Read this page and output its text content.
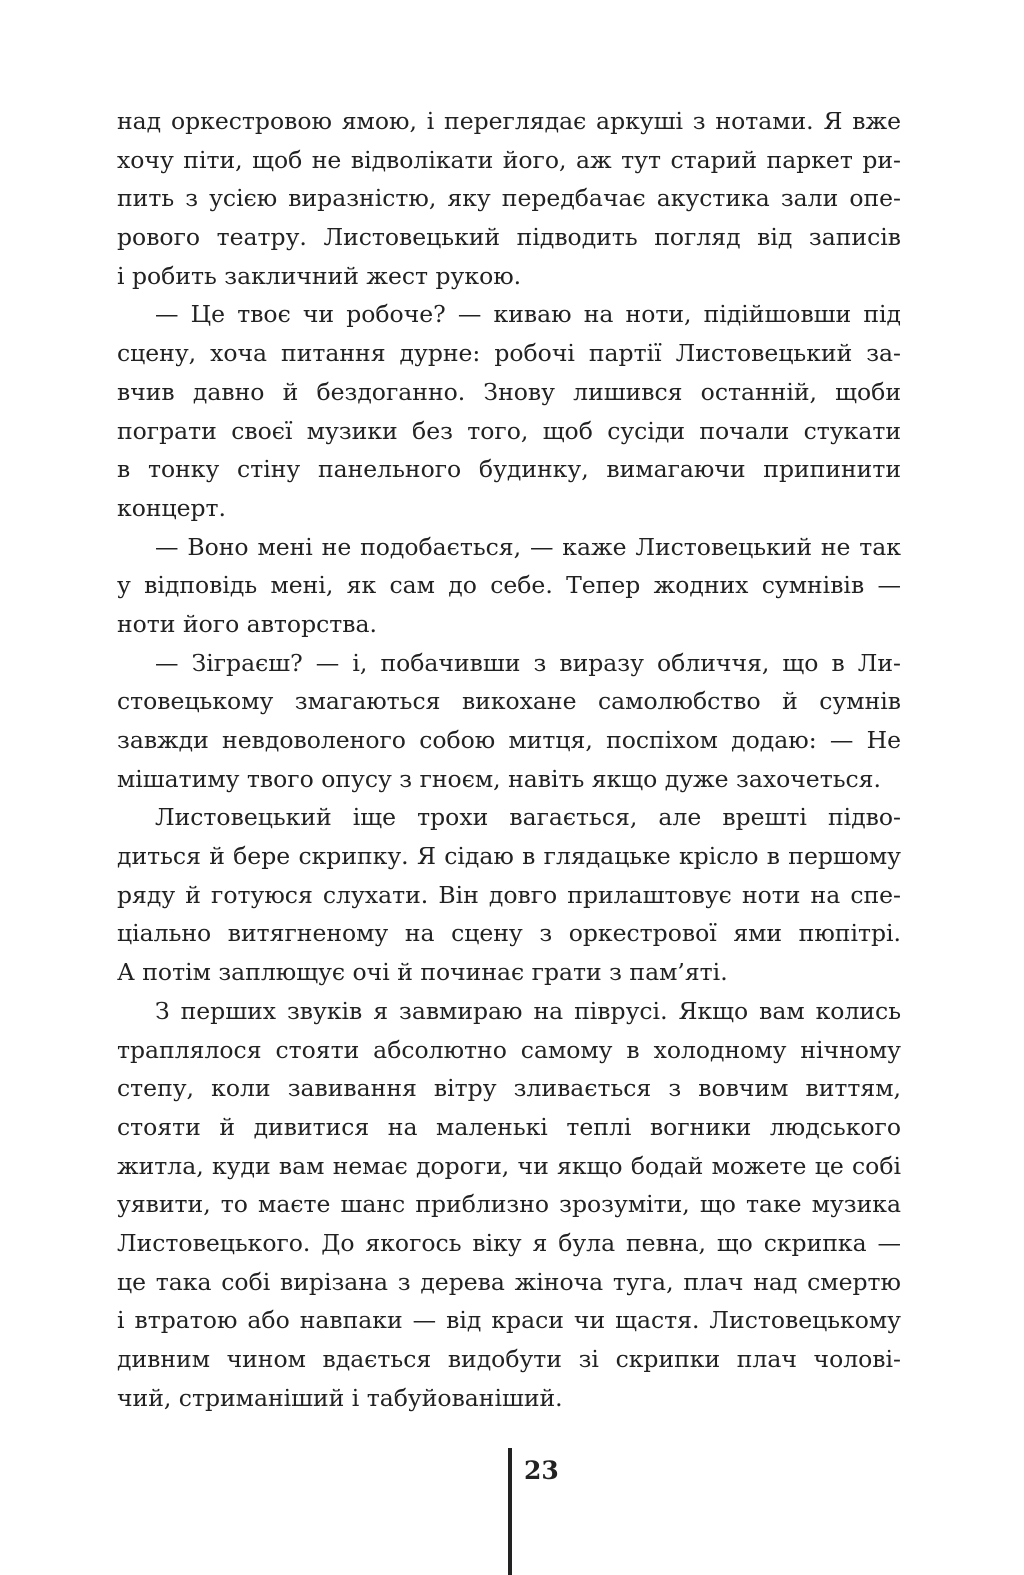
над оркестровою ямою, і переглядає аркуші з нотами. Я вже
хочу піти, щоб не відволікати його, аж тут старий паркет ри-
пить з усією виразністю, яку передбачає акустика зали опе-
рового театру. Листовецький підводить погляд від записів
і робить закличний жест рукою.
— Це твоє чи робоче? — киваю на ноти, підійшовши під
сцену, хоча питання дурне: робочі партії Листовецький за-
вчив давно й бездоганно. Знову лишився останній, щоби
пограти своєї музики без того, щоб сусіди почали стукати
в тонку стіну панельного будинку, вимагаючи припинити
концерт.
— Воно мені не подобається, — каже Листовецький не так
у відповідь мені, як сам до себе. Тепер жодних сумнівів —
ноти його авторства.
— Зіграєш? — і, побачивши з виразу обличчя, що в Ли-
стовецькому змагаються викохане самолюбство й сумнів
завжди невдоволеного собою митця, поспіхом додаю: — Не
мішатиму твого опусу з гноєм, навіть якщо дуже захочеться.
Листовецький іще трохи вагається, але врешті підво-
диться й бере скрипку. Я сідаю в глядацьке крісло в першому
ряду й готуюся слухати. Він довго прилаштовує ноти на спе-
ціально витягненому на сцену з оркестрової ями пюпітрі.
А потім заплющує очі й починає грати з пам’яті.
З перших звуків я завмираю на піврусі. Якщо вам колись
траплялося стояти абсолютно самому в холодному нічному
степу, коли завивання вітру зливається з вовчим виттям,
стояти й дивитися на маленькі теплі вогники людського
житла, куди вам немає дороги, чи якщо бодай можете це собі
уявити, то маєте шанс приблизно зрозуміти, що таке музика
Листовецького. До якогось віку я була певна, що скрипка —
це така собі вирізана з дерева жіноча туга, плач над смертю
і втратою або навпаки — від краси чи щастя. Листовецькому
дивним чином вдається видобути зі скрипки плач чолові-
чий, стриманіший і табуйованіший.
23
